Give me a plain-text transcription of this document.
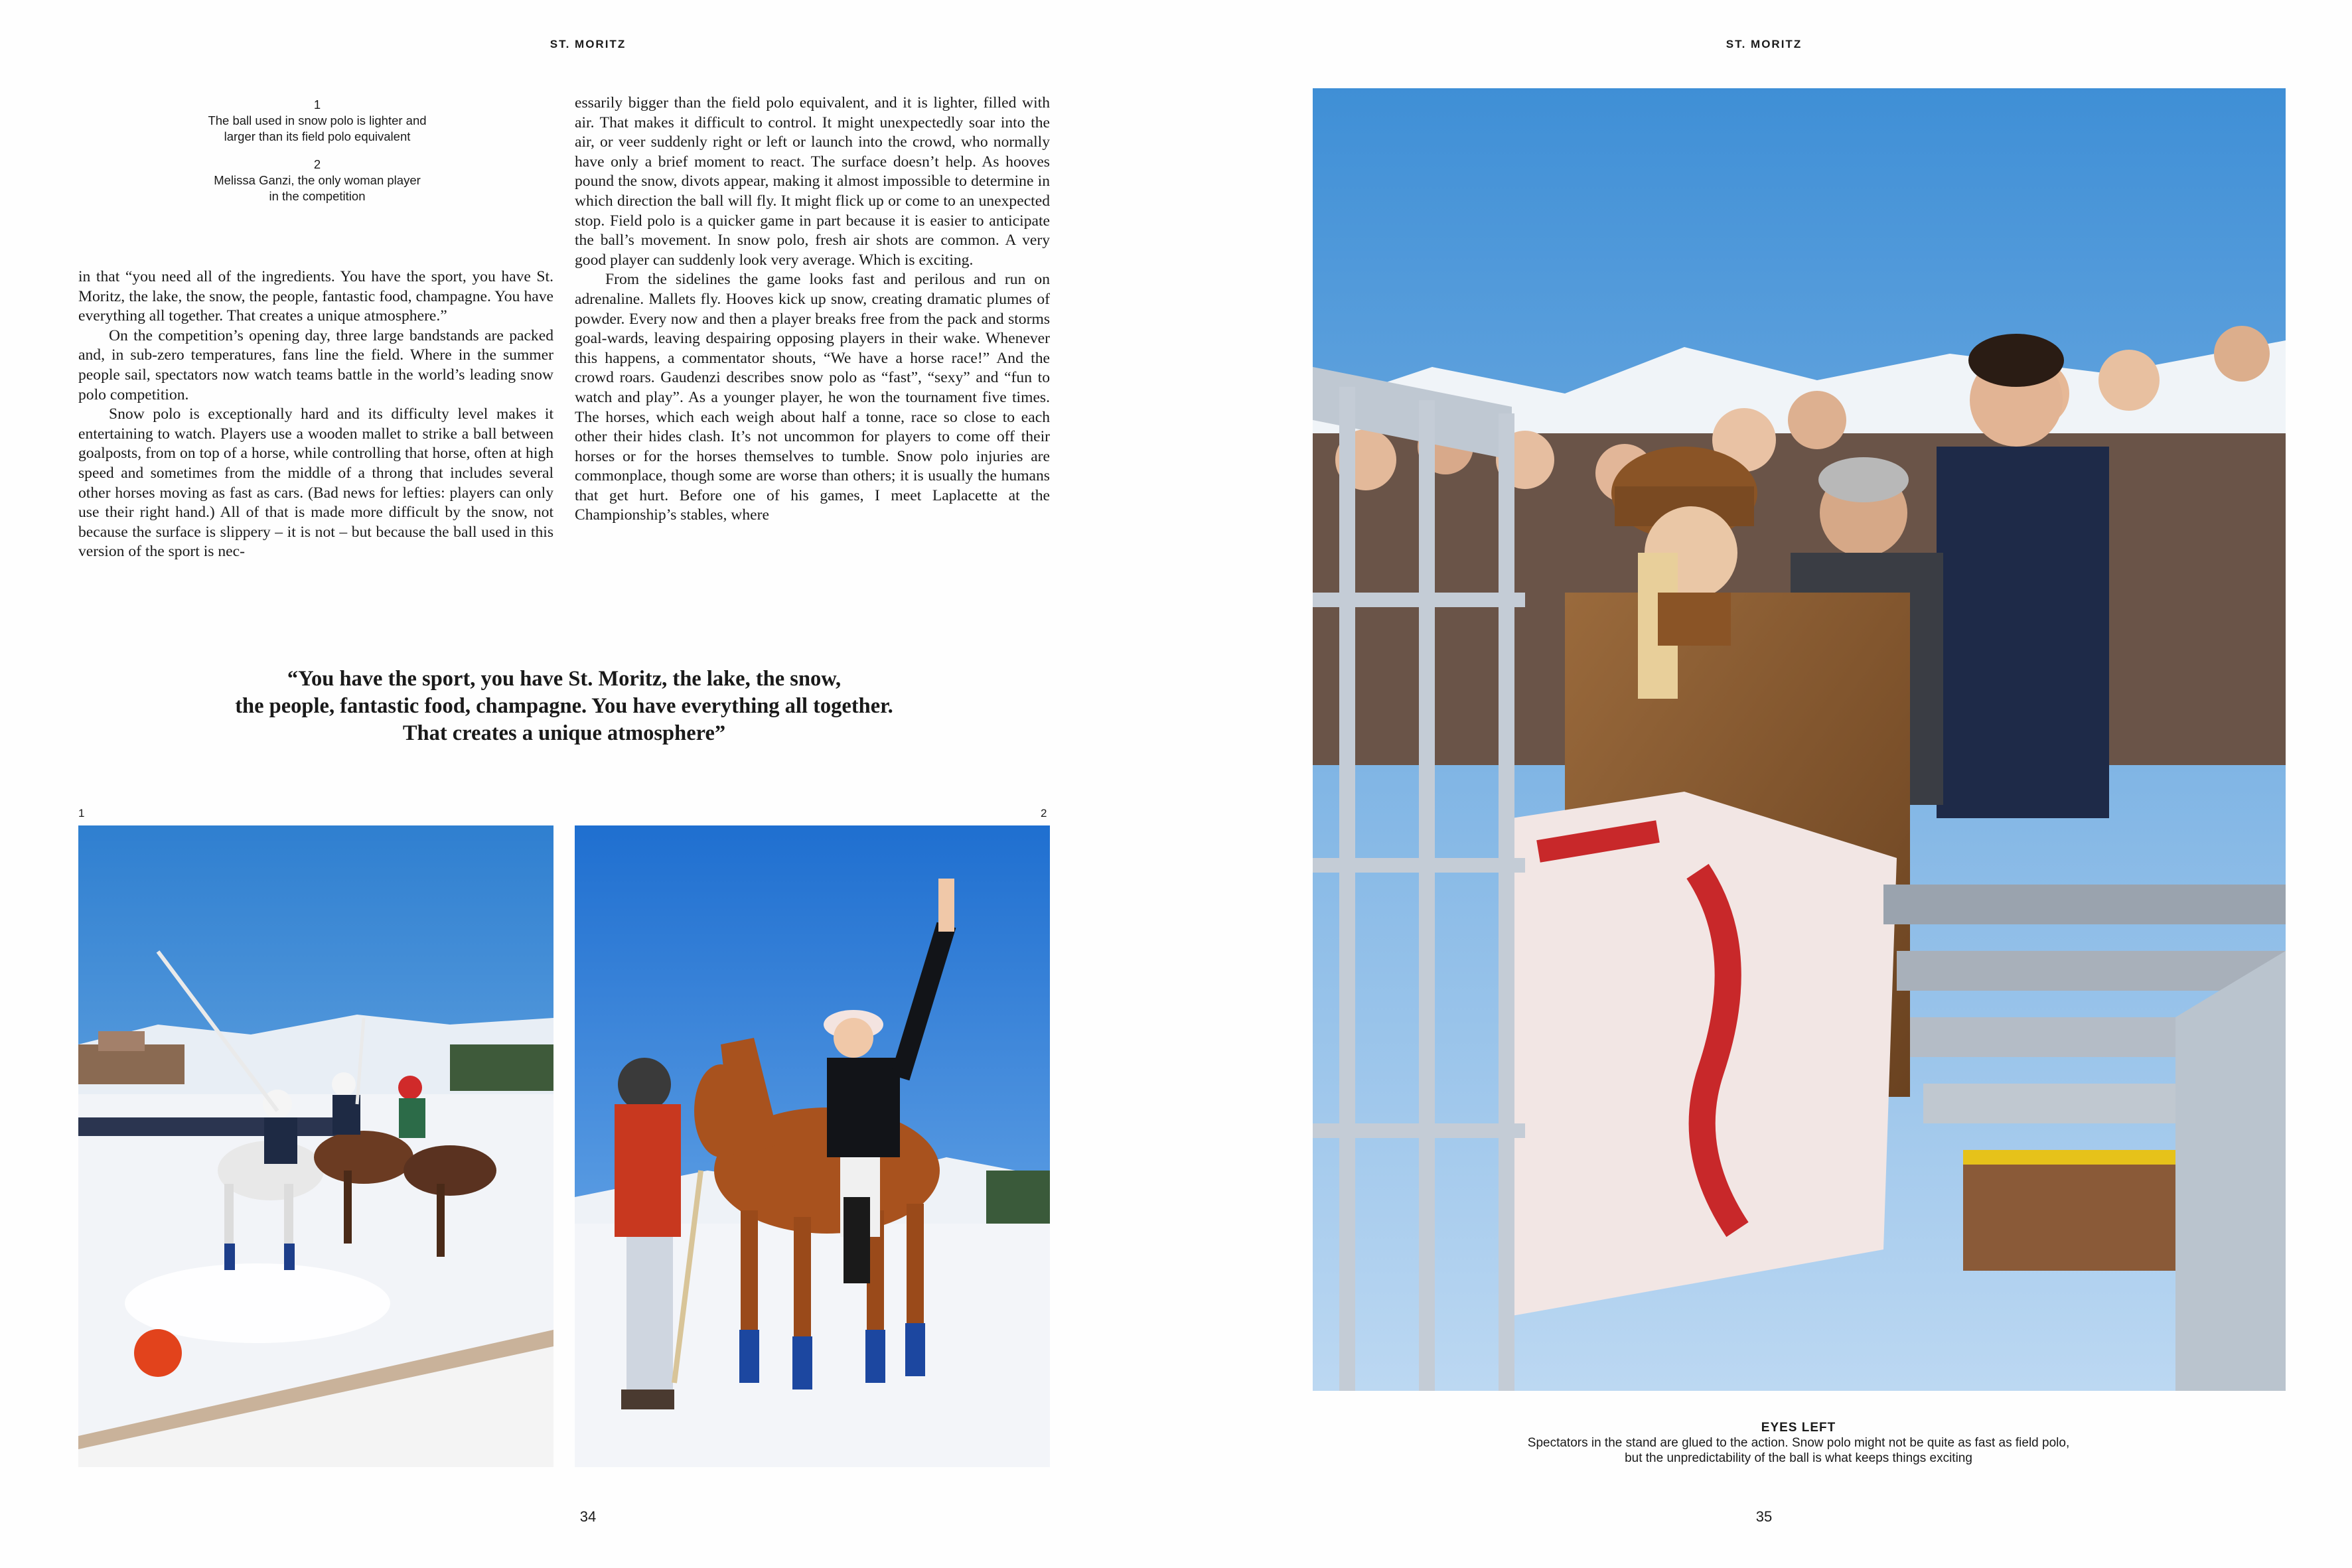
ST. MORITZ
1
The ball used in snow polo is lighter and
larger than its field polo equivalent
2
Melissa Ganzi, the only woman player
in the competition

in that “you need all of the ingredients. You have the sport, you have St. Moritz, the lake, the snow, the people, fantastic food, champagne. You have everything all together. That creates a unique atmosphere.”

On the competition’s opening day, three large bandstands are packed and, in sub-zero temperatures, fans line the field. Where in the summer people sail, spectators now watch teams battle in the world’s leading snow polo competition.

Snow polo is exceptionally hard and its difficulty level makes it entertaining to watch. Players use a wooden mallet to strike a ball between goalposts, from on top of a horse, while controlling that horse, often at high speed and sometimes from the middle of a throng that includes several other horses moving as fast as cars. (Bad news for lefties: players can only use their right hand.) All of that is made more difficult by the snow, not because the surface is slippery – it is not – but because the ball used in this version of the sport is nec-

essarily bigger than the field polo equivalent, and it is lighter, filled with air. That makes it difficult to control. It might unexpectedly soar into the air, or veer suddenly right or left or launch into the crowd, who normally have only a brief moment to react. The surface doesn’t help. As hooves pound the snow, divots appear, making it almost impossible to determine in which direction the ball will fly. It might flick up or come to an unexpected stop. Field polo is a quicker game in part because it is easier to anticipate the ball’s movement. In snow polo, fresh air shots are common. A very good player can suddenly look very average. Which is exciting.

From the sidelines the game looks fast and perilous and run on adrenaline. Mallets fly. Hooves kick up snow, creating dramatic plumes of powder. Every now and then a player breaks free from the pack and storms goal-wards, leaving despairing opposing players in their wake. Whenever this happens, a commentator shouts, “We have a horse race!” And the crowd roars. Gaudenzi describes snow polo as “fast”, “sexy” and “fun to watch and play”. As a younger player, he won the tournament five times. The horses, which each weigh about half a tonne, race so close to each other their hides clash. It’s not uncommon for players to come off their horses or for the horses themselves to tumble. Snow polo injuries are commonplace, though some are worse than others; it is usually the humans that get hurt. Before one of his games, I meet Laplacette at the Championship’s stables, where

“You have the sport, you have St. Moritz, the lake, the snow,
the people, fantastic food, champagne. You have everything all together.
That creates a unique atmosphere”
1	2
34
ST. MORITZ
35
EYES LEFT
Spectators in the stand are glued to the action. Snow polo might not be quite as fast as field polo,
but the unpredictability of the ball is what keeps things exciting
